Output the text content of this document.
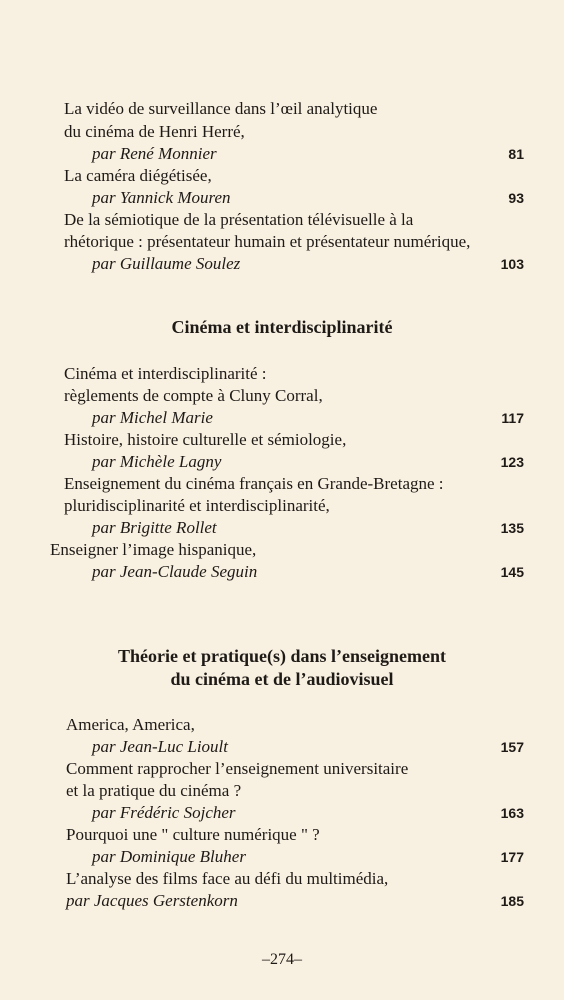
La vidéo de surveillance dans l’œil analytique
du cinéma de Henri Herré,
par René Monnier	81
La caméra diégétisée,
par Yannick Mouren	93
De la sémiotique de la présentation télévisuelle à la
rhétorique : présentateur humain et présentateur numérique,
par Guillaume Soulez	103
Cinéma et interdisciplinarité
Cinéma et interdisciplinarité :
règlements de compte à Cluny Corral,
par Michel Marie	117
Histoire, histoire culturelle et sémiologie,
par Michèle Lagny	123
Enseignement du cinéma français en Grande-Bretagne :
pluridisciplinarité et interdisciplinarité,
par Brigitte Rollet	135
Enseigner l’image hispanique,
par Jean-Claude Seguin	145
Théorie et pratique(s) dans l’enseignement
du cinéma et de l’audiovisuel
America, America,
par Jean-Luc Lioult	157
Comment rapprocher l’enseignement universitaire
et la pratique du cinéma ?
par Frédéric Sojcher	163
Pourquoi une " culture numérique " ?
par Dominique Bluher	177
L’analyse des films face au défi du multimédia,
par Jacques Gerstenkorn	185
–274–
